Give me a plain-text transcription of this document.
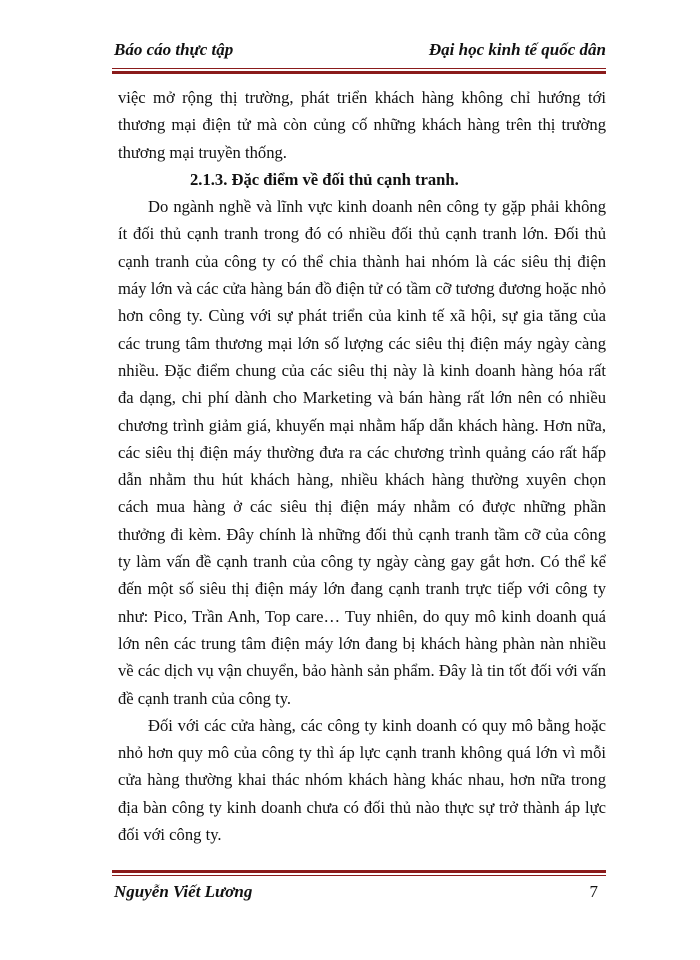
Báo cáo thực tập	Đại học kinh tế quốc dân

việc mở rộng thị trường, phát triển khách hàng không chỉ hướng tới thương mại điện tử mà còn củng cố những khách hàng trên thị trường thương mại truyền thống.

2.1.3. Đặc điểm về đối thủ cạnh tranh.

Do ngành nghề và lĩnh vực kinh doanh nên công ty gặp phải không ít đối thủ cạnh tranh trong đó có nhiều đối thủ cạnh tranh lớn. Đối thủ cạnh tranh của công ty có thể chia thành hai nhóm là các siêu thị điện máy lớn và các cửa hàng bán đồ điện tử có tầm cỡ tương đương hoặc nhỏ hơn công ty. Cùng với sự phát triển của kinh tế xã hội, sự gia tăng của các trung tâm thương mại lớn số lượng các siêu thị điện máy ngày càng nhiều. Đặc điểm chung của các siêu thị này là kinh doanh hàng hóa rất đa dạng, chi phí dành cho Marketing và bán hàng rất lớn nên có nhiều chương trình giảm giá, khuyến mại nhằm hấp dẫn khách hàng. Hơn nữa, các siêu thị điện máy thường đưa ra các chương trình quảng cáo rất hấp dẫn nhằm thu hút khách hàng, nhiều khách hàng thường xuyên chọn cách mua hàng ở các siêu thị điện máy nhằm có được những phần thưởng đi kèm. Đây chính là những đối thủ cạnh tranh tầm cỡ của công ty làm vấn đề cạnh tranh của công ty ngày càng gay gắt hơn. Có thể kể đến một số siêu thị điện máy lớn đang cạnh tranh trực tiếp với công ty như: Pico, Trần Anh, Top care… Tuy nhiên, do quy mô kinh doanh quá lớn nên các trung tâm điện máy lớn đang bị khách hàng phàn nàn nhiều về các dịch vụ vận chuyển, bảo hành sản phẩm. Đây là tin tốt đối với vấn đề cạnh tranh của công ty.

Đối với các cửa hàng, các công ty kinh doanh có quy mô bằng hoặc nhỏ hơn quy mô của công ty thì áp lực cạnh tranh không quá lớn vì mỗi cửa hàng thường khai thác nhóm khách hàng khác nhau, hơn nữa trong địa bàn công ty kinh doanh chưa có đối thủ nào thực sự trở thành áp lực đối với công ty.

Nguyễn Viết Lương	7
